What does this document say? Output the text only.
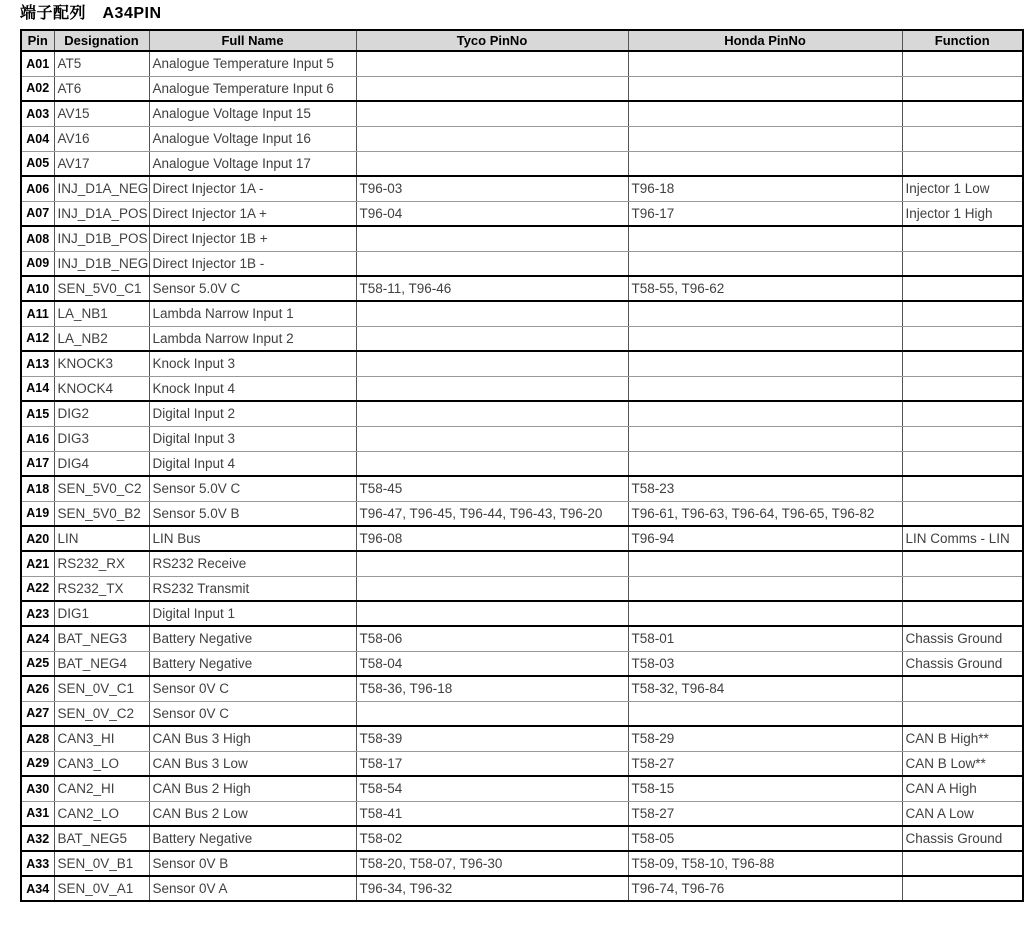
端子配列　A34PIN
Pin	Designation	Full Name	Tyco PinNo	Honda PinNo	Function
A01	AT5	Analogue Temperature Input 5			
A02	AT6	Analogue Temperature Input 6			
A03	AV15	Analogue Voltage Input 15			
A04	AV16	Analogue Voltage Input 16			
A05	AV17	Analogue Voltage Input 17			
A06	INJ_D1A_NEG	Direct Injector 1A -	T96-03	T96-18	Injector 1 Low
A07	INJ_D1A_POS	Direct Injector 1A +	T96-04	T96-17	Injector 1 High
A08	INJ_D1B_POS	Direct Injector 1B +			
A09	INJ_D1B_NEG	Direct Injector 1B -			
A10	SEN_5V0_C1	Sensor 5.0V C	T58-11, T96-46	T58-55, T96-62	
A11	LA_NB1	Lambda Narrow Input 1			
A12	LA_NB2	Lambda Narrow Input 2			
A13	KNOCK3	Knock Input 3			
A14	KNOCK4	Knock Input 4			
A15	DIG2	Digital Input 2			
A16	DIG3	Digital Input 3			
A17	DIG4	Digital Input 4			
A18	SEN_5V0_C2	Sensor 5.0V C	T58-45	T58-23	
A19	SEN_5V0_B2	Sensor 5.0V B	T96-47, T96-45, T96-44, T96-43, T96-20	T96-61, T96-63, T96-64, T96-65, T96-82	
A20	LIN	LIN Bus	T96-08	T96-94	LIN Comms - LIN
A21	RS232_RX	RS232 Receive			
A22	RS232_TX	RS232 Transmit			
A23	DIG1	Digital Input 1			
A24	BAT_NEG3	Battery Negative	T58-06	T58-01	Chassis Ground
A25	BAT_NEG4	Battery Negative	T58-04	T58-03	Chassis Ground
A26	SEN_0V_C1	Sensor 0V C	T58-36, T96-18	T58-32, T96-84	
A27	SEN_0V_C2	Sensor 0V C			
A28	CAN3_HI	CAN Bus 3 High	T58-39	T58-29	CAN B High**
A29	CAN3_LO	CAN Bus 3 Low	T58-17	T58-27	CAN B Low**
A30	CAN2_HI	CAN Bus 2 High	T58-54	T58-15	CAN A High
A31	CAN2_LO	CAN Bus 2 Low	T58-41	T58-27	CAN A Low
A32	BAT_NEG5	Battery Negative	T58-02	T58-05	Chassis Ground
A33	SEN_0V_B1	Sensor 0V B	T58-20, T58-07, T96-30	T58-09, T58-10, T96-88	
A34	SEN_0V_A1	Sensor 0V A	T96-34, T96-32	T96-74, T96-76	
